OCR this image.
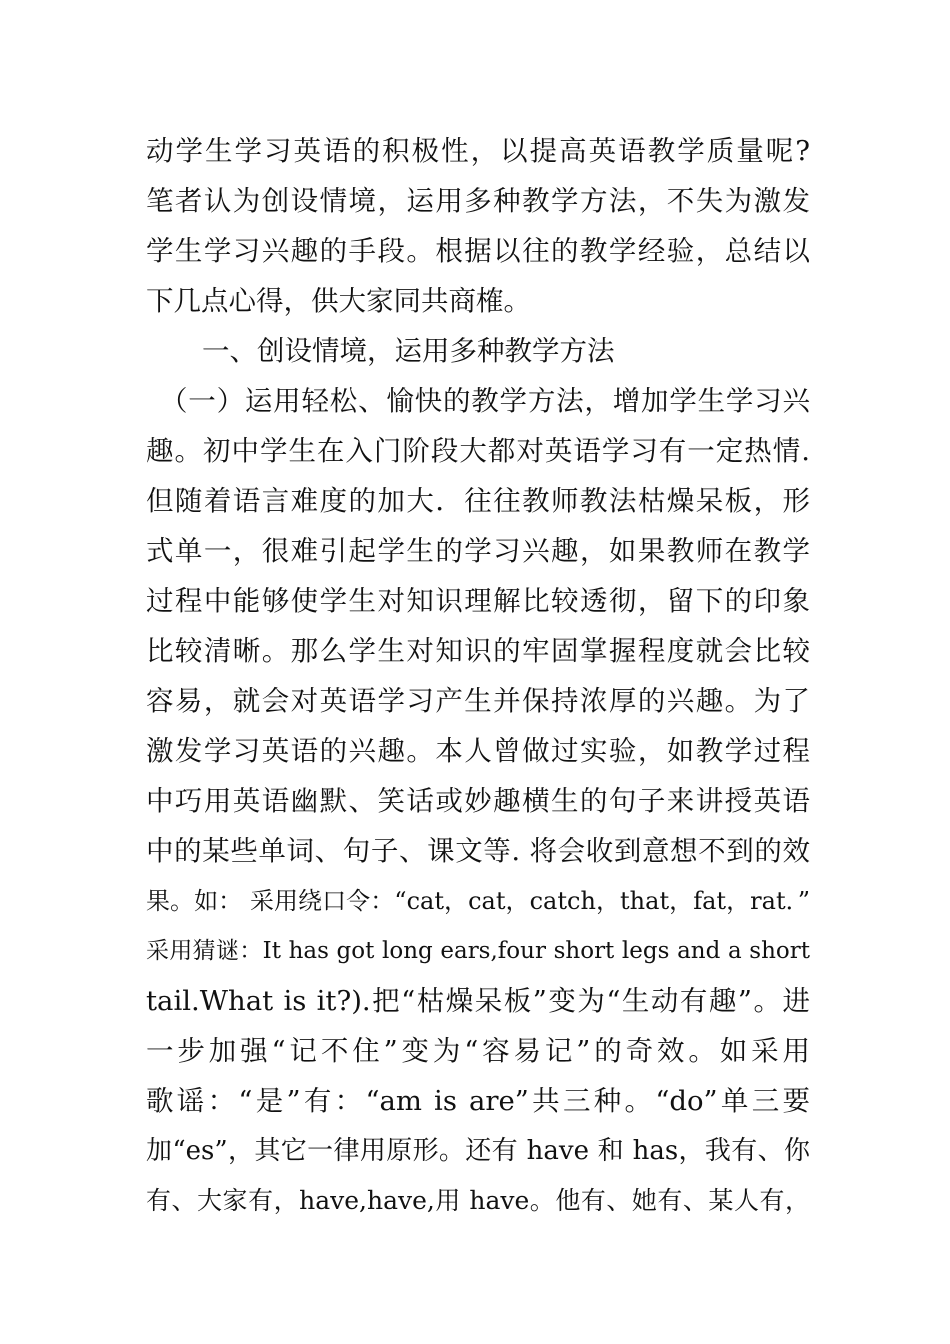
动学生学习英语的积极性，以提高英语教学质量呢?
笔者认为创设情境，运用多种教学方法，不失为激发
学生学习兴趣的手段。根据以往的教学经验，总结以
下几点心得，供大家同共商榷。
一、创设情境，运用多种教学方法
（一）运用轻松、愉快的教学方法，增加学生学习兴
趣。初中学生在入门阶段大都对英语学习有一定热情.
但随着语言难度的加大．往往教师教法枯燥呆板，形
式单一，很难引起学生的学习兴趣，如果教师在教学
过程中能够使学生对知识理解比较透彻，留下的印象
比较清晰。那么学生对知识的牢固掌握程度就会比较
容易，就会对英语学习产生并保持浓厚的兴趣。为了
激发学习英语的兴趣。本人曾做过实验，如教学过程
中巧用英语幽默、笑话或妙趣横生的句子来讲授英语
中的某些单词、句子、课文等. 将会收到意想不到的效
果。如： 采用绕口令：“cat，cat，catch，that，fat，rat．”
采用猜谜：It has got long ears,four short legs and a short
tail.What is it?).把“枯燥呆板”变为“生动有趣”。进
一步加强“记不住”变为“容易记”的奇效。如采用
歌谣：“是”有：“am is are”共三种。“do”单三要
加“es”，其它一律用原形。还有 have 和 has，我有、你
有、大家有，have,have,用 have。他有、她有、某人有，
